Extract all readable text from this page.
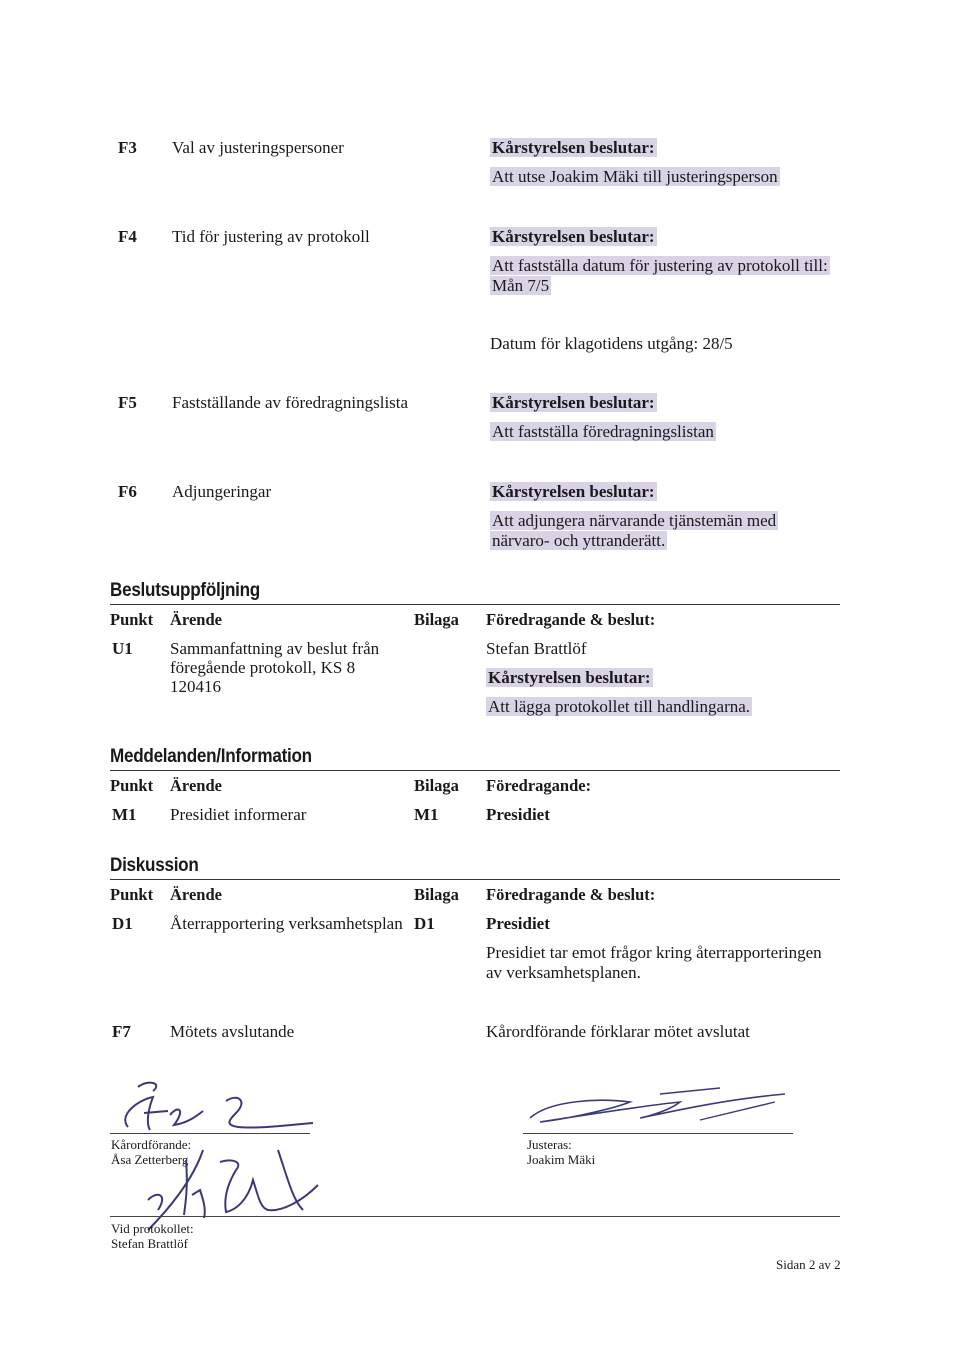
F3 Val av justeringspersoner	Kårstyrelsen beslutar:
Att utse Joakim Mäki till justeringsperson
F4 Tid för justering av protokoll	Kårstyrelsen beslutar:
Att fastställa datum för justering av protokoll till:
Mån 7/5
Datum för klagotidens utgång: 28/5
F5 Fastställande av föredragningslista	Kårstyrelsen beslutar:
Att fastställa föredragningslistan
F6 Adjungeringar	Kårstyrelsen beslutar:
Att adjungera närvarande tjänstemän med
närvaro- och yttranderätt.
Beslutsuppföljning
Punkt Ärende	Bilaga Föredragande & beslut:
U1 Sammanfattning av beslut från
föregående protokoll, KS 8
120416
Stefan Brattlöf
Kårstyrelsen beslutar:
Att lägga protokollet till handlingarna.
Meddelanden/Information
Punkt Ärende	Bilaga Föredragande:
M1 Presidiet informerar	M1	Presidiet
Diskussion
Punkt Ärende	Bilaga Föredragande & beslut:
D1 Återrapportering verksamhetsplan D1	Presidiet
Presidiet tar emot frågor kring återrapporteringen
av verksamhetsplanen.
F7 Mötets avslutande	Kårordförande förklarar mötet avslutat
Kårordförande:
Åsa Zetterberg
Justeras:
Joakim Mäki
Vid protokollet:
Stefan Brattlöf
Sidan 2 av 2
